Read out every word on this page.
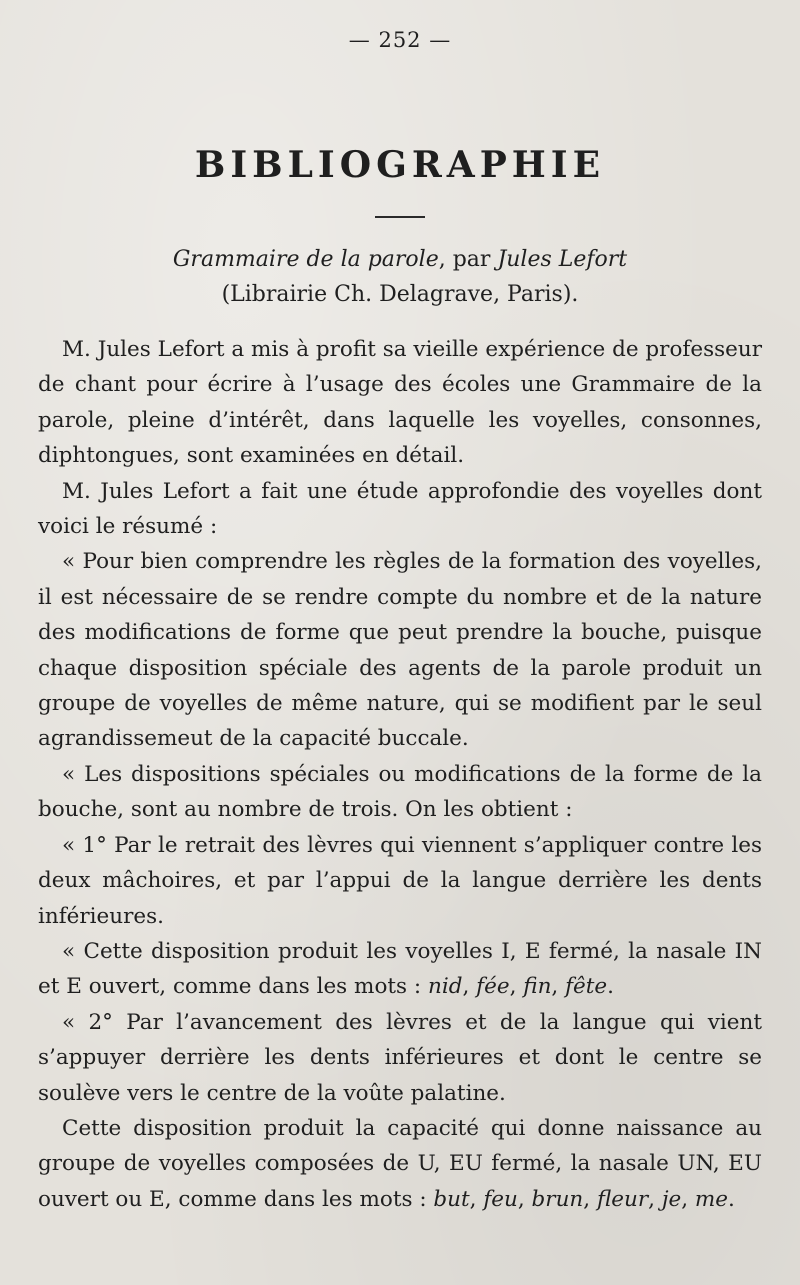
— 252 —
BIBLIOGRAPHIE
Grammaire de la parole, par Jules Lefort
(Librairie Ch. Delagrave, Paris).

M. Jules Lefort a mis à profit sa vieille expérience de professeur de chant pour écrire à l’usage des écoles une Grammaire de la parole, pleine d’intérêt, dans laquelle les voyelles, consonnes, diphtongues, sont examinées en détail.

M. Jules Lefort a fait une étude approfondie des voyelles dont voici le résumé :

« Pour bien comprendre les règles de la formation des voyelles, il est nécessaire de se rendre compte du nombre et de la nature des modifications de forme que peut prendre la bouche, puisque chaque disposition spéciale des agents de la parole produit un groupe de voyelles de même nature, qui se modifient par le seul agrandissemeut de la capacité buccale.

« Les dispositions spéciales ou modifications de la forme de la bouche, sont au nombre de trois. On les obtient :

« 1° Par le retrait des lèvres qui viennent s’appliquer contre les deux mâchoires, et par l’appui de la langue derrière les dents inférieures.

« Cette disposition produit les voyelles I, E fermé, la nasale IN et E ouvert, comme dans les mots : nid, fée, fin, fête.

« 2° Par l’avancement des lèvres et de la langue qui vient s’appuyer derrière les dents inférieures et dont le centre se soulève vers le centre de la voûte palatine.

Cette disposition produit la capacité qui donne naissance au groupe de voyelles composées de U, EU fermé, la nasale UN, EU ouvert ou E, comme dans les mots : but, feu, brun, fleur, je, me.
